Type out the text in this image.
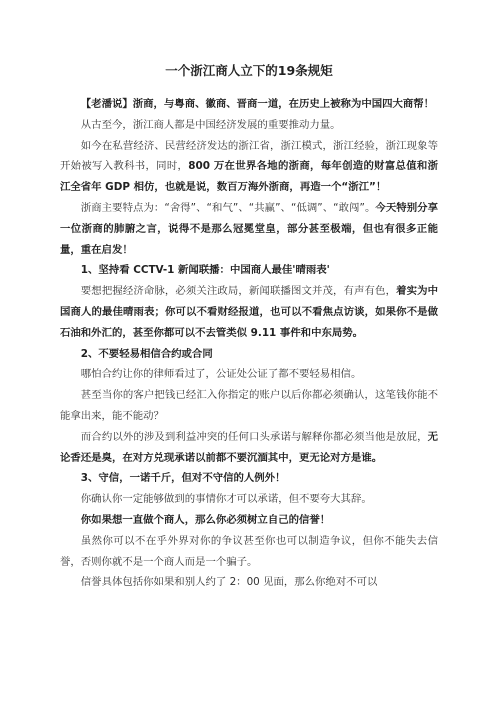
一个浙江商人立下的19条规矩

【老潘说】浙商，与粤商、徽商、晋商一道，在历史上被称为中国四大商帮！

从古至今，浙江商人都是中国经济发展的重要推动力量。

如今在私营经济、民营经济发达的浙江省，浙江模式，浙江经验，浙江现象等开始被写入教科书，同时，800 万在世界各地的浙商，每年创造的财富总值和浙江全省年 GDP 相仿，也就是说，数百万海外浙商，再造一个“浙江”！

浙商主要特点为：“舍得”、“和气”、“共赢”、“低调”、“敢闯”。今天特别分享一位浙商的肺腑之言，说得不是那么冠冕堂皇，部分甚至极端，但也有很多正能量，重在启发！

1、坚持看 CCTV-1 新闻联播：中国商人最佳'晴雨表'

要想把握经济命脉，必须关注政局，新闻联播图文并茂，有声有色，着实为中国商人的最佳晴雨表；你可以不看财经报道，也可以不看焦点访谈，如果你不是做石油和外汇的，甚至你都可以不去管类似 9.11 事件和中东局势。

2、不要轻易相信合约或合同

哪怕合约让你的律师看过了，公证处公证了都不要轻易相信。

甚至当你的客户把钱已经汇入你指定的账户以后你都必须确认，这笔钱你能不能拿出来，能不能动？

而合约以外的涉及到利益冲突的任何口头承诺与解释你都必须当他是放屁，无论香还是臭，在对方兑现承诺以前都不要沉湎其中，更无论对方是谁。

3、守信，一诺千斤，但对不守信的人例外！

你确认你一定能够做到的事情你才可以承诺，但不要夸大其辞。

你如果想一直做个商人，那么你必须树立自己的信誉！

虽然你可以不在乎外界对你的争议甚至你也可以制造争议，但你不能失去信誉，否则你就不是一个商人而是一个骗子。

信誉具体包括你如果和别人约了 2：00 见面，那么你绝对不可以
